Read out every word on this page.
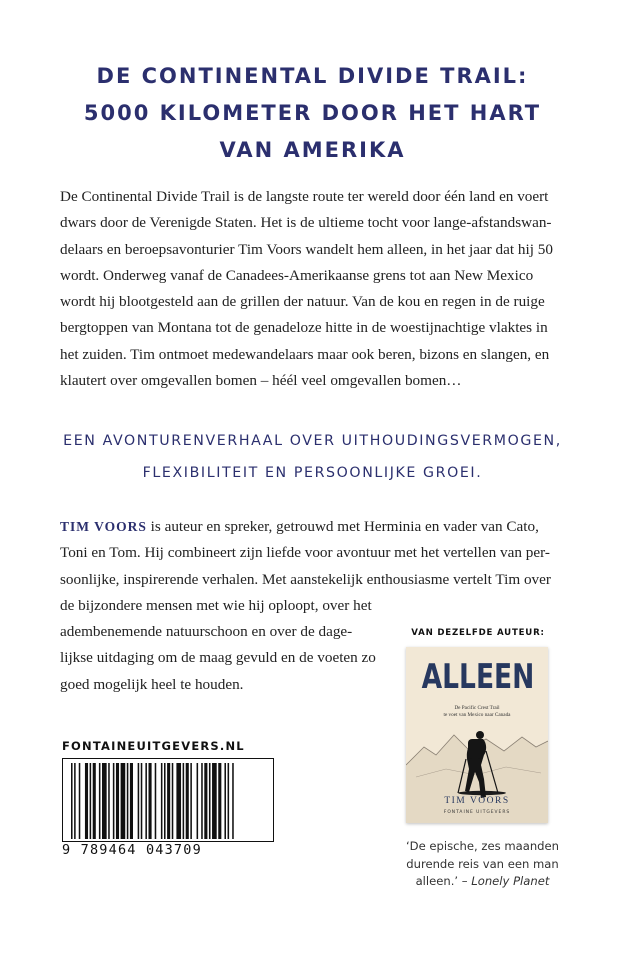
DE CONTINENTAL DIVIDE TRAIL:
5000 KILOMETER DOOR HET HART
VAN AMERIKA

De Continental Divide Trail is de langste route ter wereld door één land en voert dwars door de Verenigde Staten. Het is de ultieme tocht voor lange-afstandswandelaars en beroepsavonturier Tim Voors wandelt hem alleen, in het jaar dat hij 50 wordt. Onderweg vanaf de Canadees-Amerikaanse grens tot aan New Mexico wordt hij blootgesteld aan de grillen der natuur. Van de kou en regen in de ruige bergtoppen van Montana tot de genadeloze hitte in de woestijnachtige vlaktes in het zuiden. Tim ontmoet medewandelaars maar ook beren, bizons en slangen, en klautert over omgevallen bomen – héél veel omgevallen bomen…

EEN AVONTURENVERHAAL OVER UITHOUDINGSVERMOGEN,
FLEXIBILITEIT EN PERSOONLIJKE GROEI.
TIM VOORS is auteur en spreker, getrouwd met Herminia en vader van Cato,
Toni en Tom. Hij combineert zijn liefde voor avontuur met het vertellen van per-
soonlijke, inspirerende verhalen. Met aanstekelijk enthousiasme vertelt Tim over
de bijzondere mensen met wie hij oploopt, over het
adembenemende natuurschoon en over de dage-
lijkse uitdaging om de maag gevuld en de voeten zo
goed mogelijk heel te houden.
FONTAINEUITGEVERS.NL
9 789464 043709
VAN DEZELFDE AUTEUR:
ALLEEN
De Pacific Crest Trail
te voet van Mexico naar Canada
TIM VOORS
FONTAINE UITGEVERS
‘De epische, zes maanden
durende reis van een man
alleen.’ – Lonely Planet
